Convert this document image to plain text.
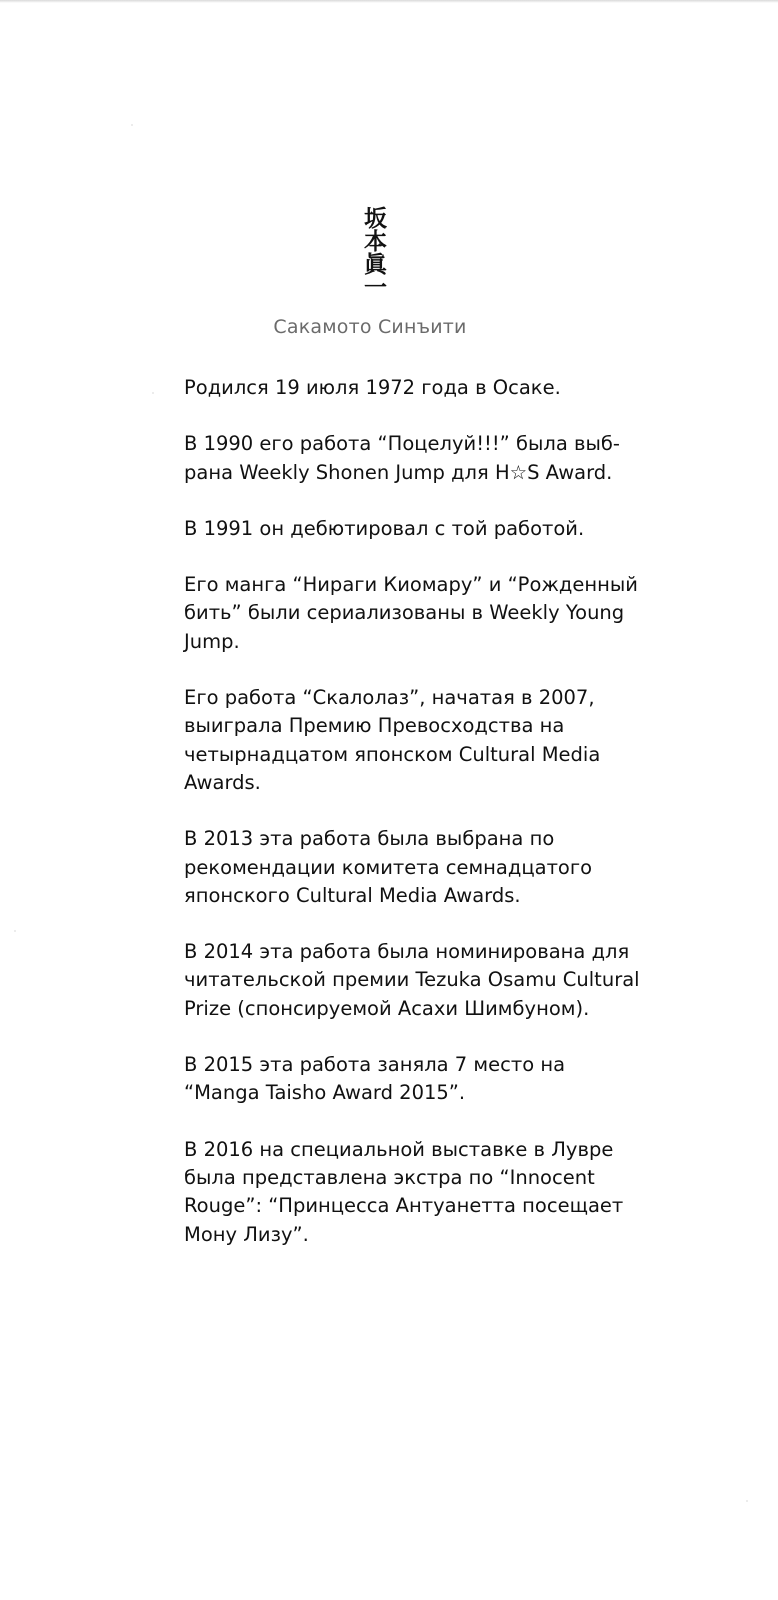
坂本眞一
Сакамото Синъити

Родился 19 июля 1972 года в Осаке.

В 1990 его работа “Поцелуй!!!” была выб-рана Weekly Shonen Jump для H☆S Award.

В 1991 он дебютировал с той работой.

Его манга “Нираги Киомару” и “Рожденный бить” были сериализованы в Weekly Young Jump.

Его работа “Скалолаз”, начатая в 2007, выиграла Премию Превосходства на четырнадцатом японском Cultural Media Awards.

В 2013 эта работа была выбрана по рекомендации комитета семнадцатого японского Cultural Media Awards.

В 2014 эта работа была номинирована для читательской премии Tezuka Osamu Cultural Prize (спонсируемой Асахи Шимбуном).

В 2015 эта работа заняла 7 место на “Manga Taisho Award 2015”.

В 2016 на специальной выставке в Лувре была представлена экстра по “Innocent Rouge”: “Принцесса Антуанетта посещает Мону Лизу”.
